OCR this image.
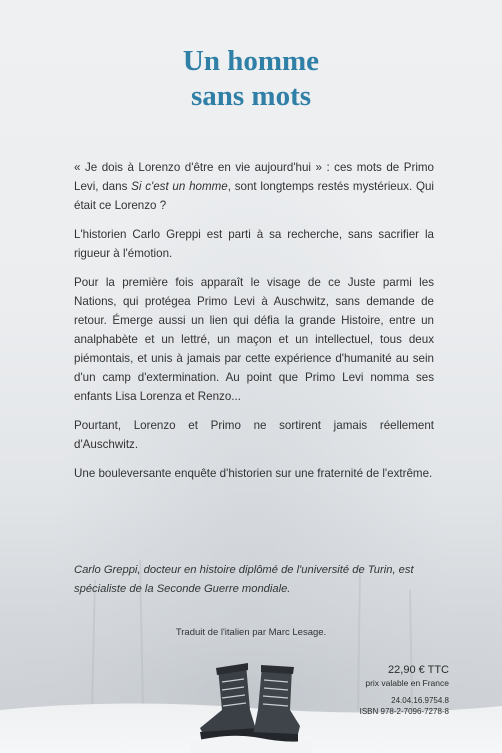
Un homme
sans mots

« Je dois à Lorenzo d'être en vie aujourd'hui » : ces mots de Primo Levi, dans Si c'est un homme, sont longtemps restés mystérieux. Qui était ce Lorenzo ?

L'historien Carlo Greppi est parti à sa recherche, sans sacrifier la rigueur à l'émotion.

Pour la première fois apparaît le visage de ce Juste parmi les Nations, qui protégea Primo Levi à Auschwitz, sans demande de retour. Émerge aussi un lien qui défia la grande Histoire, entre un analphabète et un lettré, un maçon et un intellectuel, tous deux piémontais, et unis à jamais par cette expérience d'humanité au sein d'un camp d'extermination. Au point que Primo Levi nomma ses enfants Lisa Lorenza et Renzo...

Pourtant, Lorenzo et Primo ne sortirent jamais réellement d'Auschwitz.

Une bouleversante enquête d'historien sur une fraternité de l'extrême.

Carlo Greppi, docteur en histoire diplômé de l'université de Turin, est spécialiste de la Seconde Guerre mondiale.
Traduit de l'italien par Marc Lesage.
22,90 € TTC
prix valable en France
24.04.16.9754.8
ISBN 978-2-7096-7278-8
